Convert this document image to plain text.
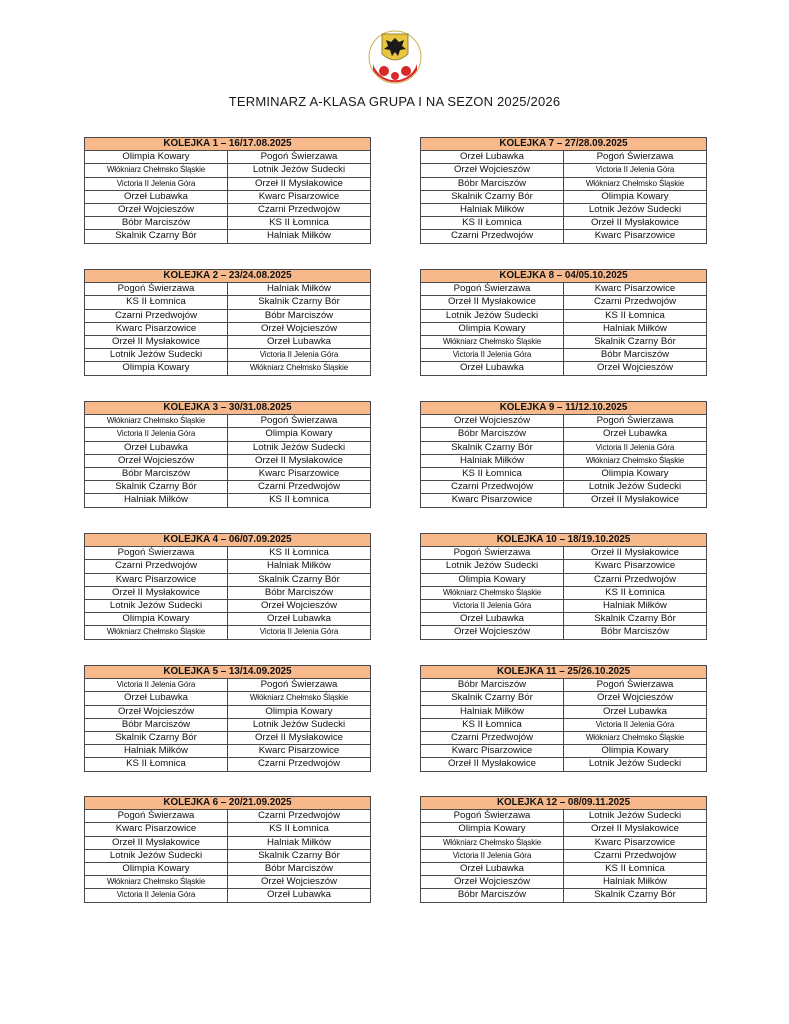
TERMINARZ A-KLASA GRUPA I NA SEZON 2025/2026
KOLEJKA 1 – 16/17.08.2025	
Olimpia Kowary	Pogoń Świerzawa
Włókniarz Chełmsko Śląskie	Lotnik Jeżów Sudecki
Victoria II Jelenia Góra	Orzeł II Mysłakowice
Orzeł Lubawka	Kwarc Pisarzowice
Orzeł Wojcieszów	Czarni Przedwojów
Bóbr Marciszów	KS II Łomnica
Skalnik Czarny Bór	Halniak Miłków
KOLEJKA 7 – 27/28.09.2025	
Orzeł Lubawka	Pogoń Świerzawa
Orzeł Wojcieszów	Victoria II Jelenia Góra
Bóbr Marciszów	Włókniarz Chełmsko Śląskie
Skalnik Czarny Bór	Olimpia Kowary
Halniak Miłków	Lotnik Jeżów Sudecki
KS II Łomnica	Orzeł II Mysłakowice
Czarni Przedwojów	Kwarc Pisarzowice
KOLEJKA 2 – 23/24.08.2025	
Pogoń Świerzawa	Halniak Miłków
KS II Łomnica	Skalnik Czarny Bór
Czarni Przedwojów	Bóbr Marciszów
Kwarc Pisarzowice	Orzeł Wojcieszów
Orzeł II Mysłakowice	Orzeł Lubawka
Lotnik Jeżów Sudecki	Victoria II Jelenia Góra
Olimpia Kowary	Włókniarz Chełmsko Śląskie
KOLEJKA 8 – 04/05.10.2025	
Pogoń Świerzawa	Kwarc Pisarzowice
Orzeł II Mysłakowice	Czarni Przedwojów
Lotnik Jeżów Sudecki	KS II Łomnica
Olimpia Kowary	Halniak Miłków
Włókniarz Chełmsko Śląskie	Skalnik Czarny Bór
Victoria II Jelenia Góra	Bóbr Marciszów
Orzeł Lubawka	Orzeł Wojcieszów
KOLEJKA 3 – 30/31.08.2025	
Włókniarz Chełmsko Śląskie	Pogoń Świerzawa
Victoria II Jelenia Góra	Olimpia Kowary
Orzeł Lubawka	Lotnik Jeżów Sudecki
Orzeł Wojcieszów	Orzeł II Mysłakowice
Bóbr Marciszów	Kwarc Pisarzowice
Skalnik Czarny Bór	Czarni Przedwojów
Halniak Miłków	KS II Łomnica
KOLEJKA 9 – 11/12.10.2025	
Orzeł Wojcieszów	Pogoń Świerzawa
Bóbr Marciszów	Orzeł Lubawka
Skalnik Czarny Bór	Victoria II Jelenia Góra
Halniak Miłków	Włókniarz Chełmsko Śląskie
KS II Łomnica	Olimpia Kowary
Czarni Przedwojów	Lotnik Jeżów Sudecki
Kwarc Pisarzowice	Orzeł II Mysłakowice
KOLEJKA 4 – 06/07.09.2025	
Pogoń Świerzawa	KS II Łomnica
Czarni Przedwojów	Halniak Miłków
Kwarc Pisarzowice	Skalnik Czarny Bór
Orzeł II Mysłakowice	Bóbr Marciszów
Lotnik Jeżów Sudecki	Orzeł Wojcieszów
Olimpia Kowary	Orzeł Lubawka
Włókniarz Chełmsko Śląskie	Victoria II Jelenia Góra
KOLEJKA 10 – 18/19.10.2025	
Pogoń Świerzawa	Orzeł II Mysłakowice
Lotnik Jeżów Sudecki	Kwarc Pisarzowice
Olimpia Kowary	Czarni Przedwojów
Włókniarz Chełmsko Śląskie	KS II Łomnica
Victoria II Jelenia Góra	Halniak Miłków
Orzeł Lubawka	Skalnik Czarny Bór
Orzeł Wojcieszów	Bóbr Marciszów
KOLEJKA 5 – 13/14.09.2025	
Victoria II Jelenia Góra	Pogoń Świerzawa
Orzeł Lubawka	Włókniarz Chełmsko Śląskie
Orzeł Wojcieszów	Olimpia Kowary
Bóbr Marciszów	Lotnik Jeżów Sudecki
Skalnik Czarny Bór	Orzeł II Mysłakowice
Halniak Miłków	Kwarc Pisarzowice
KS II Łomnica	Czarni Przedwojów
KOLEJKA 11 – 25/26.10.2025	
Bóbr Marciszów	Pogoń Świerzawa
Skalnik Czarny Bór	Orzeł Wojcieszów
Halniak Miłków	Orzeł Lubawka
KS II Łomnica	Victoria II Jelenia Góra
Czarni Przedwojów	Włókniarz Chełmsko Śląskie
Kwarc Pisarzowice	Olimpia Kowary
Orzeł II Mysłakowice	Lotnik Jeżów Sudecki
KOLEJKA 6 – 20/21.09.2025	
Pogoń Świerzawa	Czarni Przedwojów
Kwarc Pisarzowice	KS II Łomnica
Orzeł II Mysłakowice	Halniak Miłków
Lotnik Jeżów Sudecki	Skalnik Czarny Bór
Olimpia Kowary	Bóbr Marciszów
Włókniarz Chełmsko Śląskie	Orzeł Wojcieszów
Victoria II Jelenia Góra	Orzeł Lubawka
KOLEJKA 12 – 08/09.11.2025	
Pogoń Świerzawa	Lotnik Jeżów Sudecki
Olimpia Kowary	Orzeł II Mysłakowice
Włókniarz Chełmsko Śląskie	Kwarc Pisarzowice
Victoria II Jelenia Góra	Czarni Przedwojów
Orzeł Lubawka	KS II Łomnica
Orzeł Wojcieszów	Halniak Miłków
Bóbr Marciszów	Skalnik Czarny Bór
